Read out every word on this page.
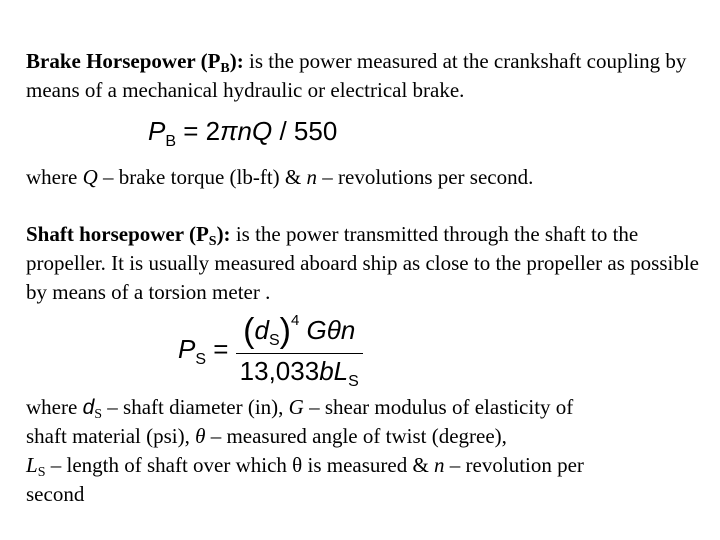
Brake Horsepower $(P_B)$: is the power measured at the crankshaft coupling by means of a mechanical hydraulic or electrical brake.

$P_B = 2\pi nQ / 550$

where Q – brake torque (lb-ft) & n – revolutions per second.

Shaft horsepower $(P_S)$: is the power transmitted through the shaft to the propeller. It is usually measured aboard ship as close to the propeller as possible by means of a torsion meter .

$P_S = \frac{(d_S)^4 G\theta n}{13,033bL_S}$
where $d_S$ – shaft diameter (in), G – shear modulus of elasticity of
shaft material (psi), θ – measured angle of twist (degree),
$L_S$ – length of shaft over which θ is measured & n – revolution per
second
